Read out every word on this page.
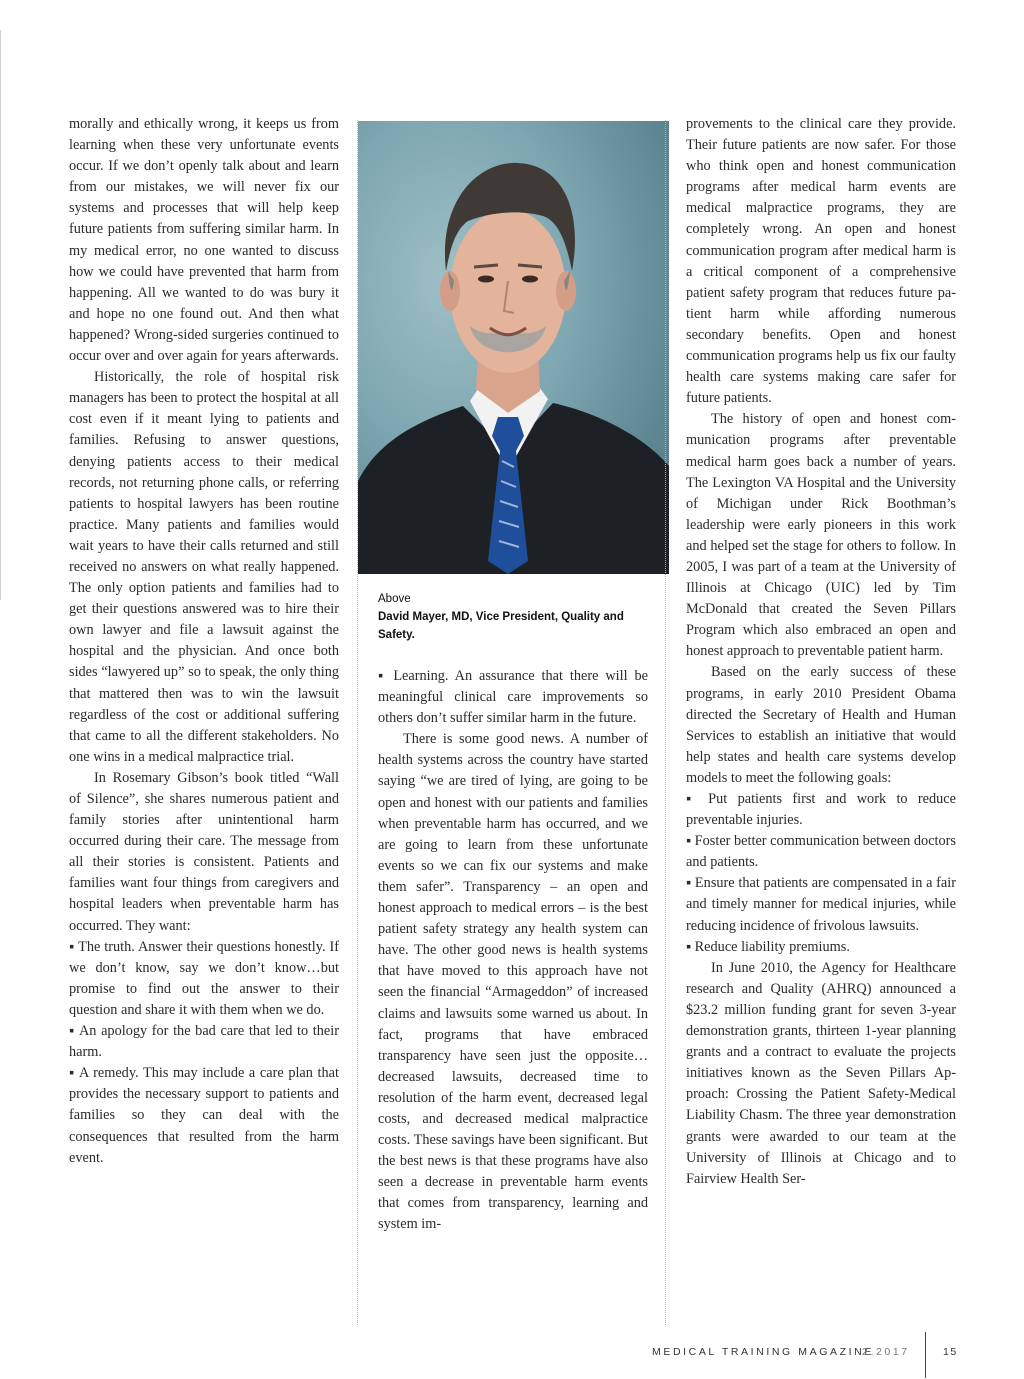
morally and ethically wrong, it keeps us from learning when these very unfortunate events occur. If we don’t openly talk about and learn from our mistakes, we will never fix our systems and processes that will help keep future patients from suffering similar harm. In my medical error, no one wanted to discuss how we could have prevented that harm from happening. All we wanted to do was bury it and hope no one found out. And then what happened? Wrong-sided surgeries continued to occur over and over again for years afterwards.

Historically, the role of hospital risk managers has been to protect the hospital at all cost even if it meant lying to patients and families. Refusing to answer questions, denying patients access to their medical records, not returning phone calls, or referring patients to hospital lawyers has been routine practice. Many patients and families would wait years to have their calls returned and still received no answers on what really happened. The only option patients and families had to get their questions answered was to hire their own lawyer and file a lawsuit against the hospital and the physician. And once both sides “lawyered up” so to speak, the only thing that mattered then was to win the lawsuit regardless of the cost or additional suffering that came to all the different stakeholders. No one wins in a medical malpractice trial.

In Rosemary Gibson’s book titled “Wall of Silence”, she shares numerous patient and family stories after unintentional harm occurred during their care. The message from all their stories is consistent. Patients and families want four things from caregivers and hospital leaders when preventable harm has occurred. They want:

▪ The truth. Answer their questions honestly. If we don’t know, say we don’t know…but promise to find out the answer to their question and share it with them when we do.

▪ An apology for the bad care that led to their harm.

▪ A remedy. This may include a care plan that provides the necessary support to patients and families so they can deal with the consequences that resulted from the harm event.

Above
David Mayer, MD, Vice President, Quality and Safety.

▪ Learning. An assurance that there will be meaningful clinical care improvements so others don’t suffer similar harm in the future.

There is some good news. A number of health systems across the country have started saying “we are tired of lying, are going to be open and honest with our patients and families when preventable harm has occurred, and we are going to learn from these unfortunate events so we can fix our systems and make them safer”. Transparency – an open and honest approach to medical errors – is the best patient safety strategy any health system can have. The other good news is health systems that have moved to this approach have not seen the financial “Armageddon” of increased claims and lawsuits some warned us about. In fact, programs that have embraced transparency have seen just the opposite…decreased lawsuits, decreased time to resolution of the harm event, decreased legal costs, and decreased medical malpractice costs. These savings have been significant. But the best news is that these programs have also seen a decrease in preventable harm events that comes from transparency, learning and system im-

provements to the clinical care they provide. Their future patients are now safer. For those who think open and honest communication programs after medical harm events are medical malpractice programs, they are completely wrong. An open and honest communication program after medical harm is a critical component of a comprehensive patient safety program that reduces future patient harm while affording numerous secondary benefits. Open and honest communication programs help us fix our faulty health care systems making care safer for future patients.

The history of open and honest communication programs after preventable medical harm goes back a number of years. The Lexington VA Hospital and the University of Michigan under Rick Boothman’s leadership were early pioneers in this work and helped set the stage for others to follow. In 2005, I was part of a team at the University of Illinois at Chicago (UIC) led by Tim McDonald that created the Seven Pillars Program which also embraced an open and honest approach to preventable patient harm.

Based on the early success of these programs, in early 2010 President Obama directed the Secretary of Health and Human Services to establish an initiative that would help states and health care systems develop models to meet the following goals:

▪ Put patients first and work to reduce preventable injuries.

▪ Foster better communication between doctors and patients.

▪ Ensure that patients are compensated in a fair and timely manner for medical injuries, while reducing incidence of frivolous lawsuits.

▪ Reduce liability premiums.

In June 2010, the Agency for Healthcare research and Quality (AHRQ) announced a $23.2 million funding grant for seven 3-year demonstration grants, thirteen 1-year planning grants and a contract to evaluate the projects initiatives known as the Seven Pillars Approach: Crossing the Patient Safety-Medical Liability Chasm. The three year demonstration grants were awarded to our team at the University of Illinois at Chicago and to Fairview Health Ser-

MEDICAL TRAINING MAGAZINE
2.2017	15
